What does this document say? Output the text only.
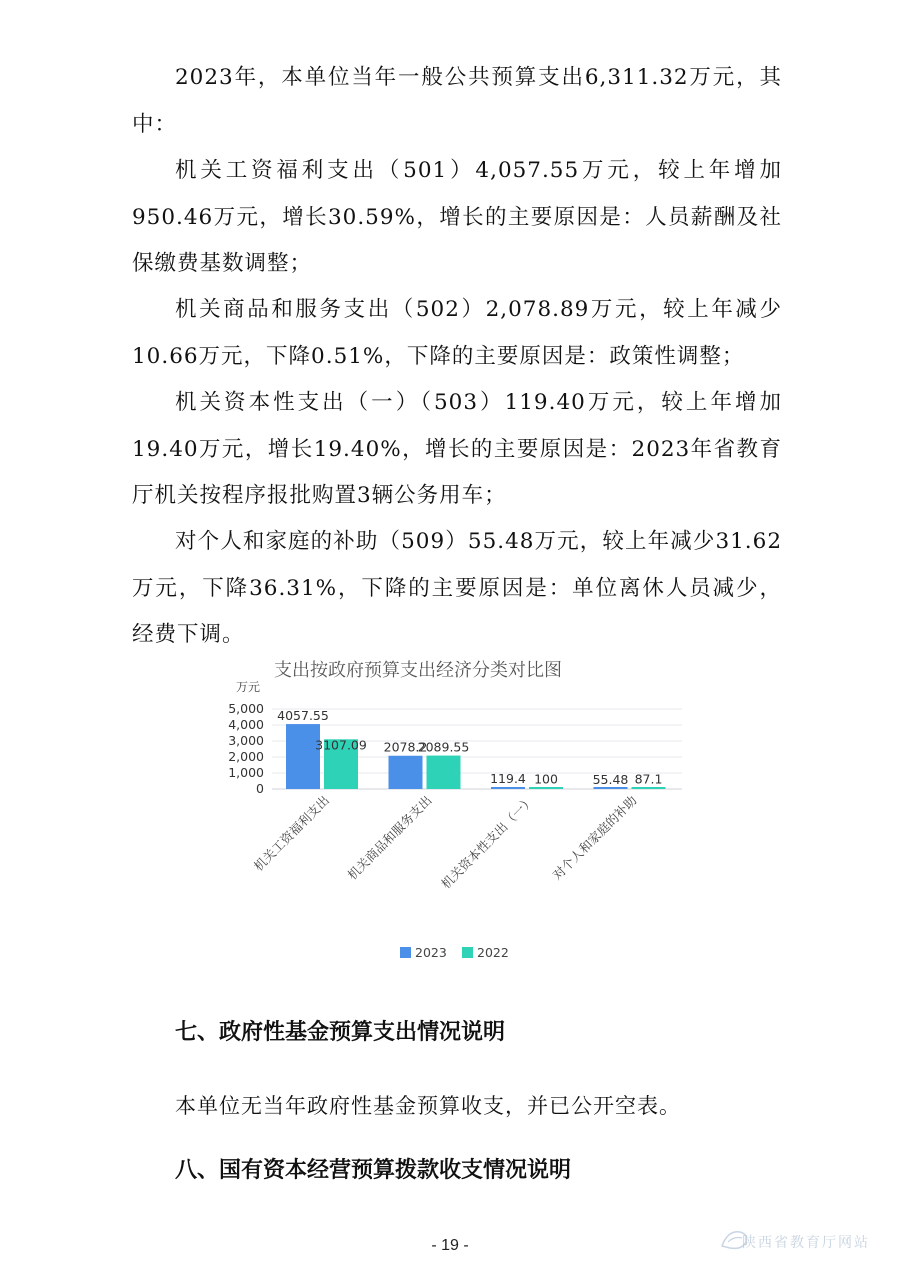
2023年，本单位当年一般公共预算支出6,311.32万元，其中：

机关工资福利支出（501）4,057.55万元，较上年增加950.46万元，增长30.59%，增长的主要原因是：人员薪酬及社保缴费基数调整；

机关商品和服务支出（502）2,078.89万元，较上年减少10.66万元，下降0.51%，下降的主要原因是：政策性调整；

机关资本性支出（一）（503）119.40万元，较上年增加19.40万元，增长19.40%，增长的主要原因是：2023年省教育厅机关按程序报批购置3辆公务用车；

对个人和家庭的补助（509）55.48万元，较上年减少31.62万元，下降36.31%，下降的主要原因是：单位离休人员减少，经费下调。

支出按政府预算支出经济分类对比图
万元
5,000
4,000
3,000
2,000
1,000
0
4057.55
3107.09
机关工资福利支出
2078.2
2089.55
机关商品和服务支出
119.4 100
机关资本性支出（一）
55.48 87.1
对个人和家庭的补助
2023 2022
七、政府性基金预算支出情况说明

本单位无当年政府性基金预算收支，并已公开空表。

八、国有资本经营预算拨款收支情况说明
陕西省教育厅网站
- 19 -
